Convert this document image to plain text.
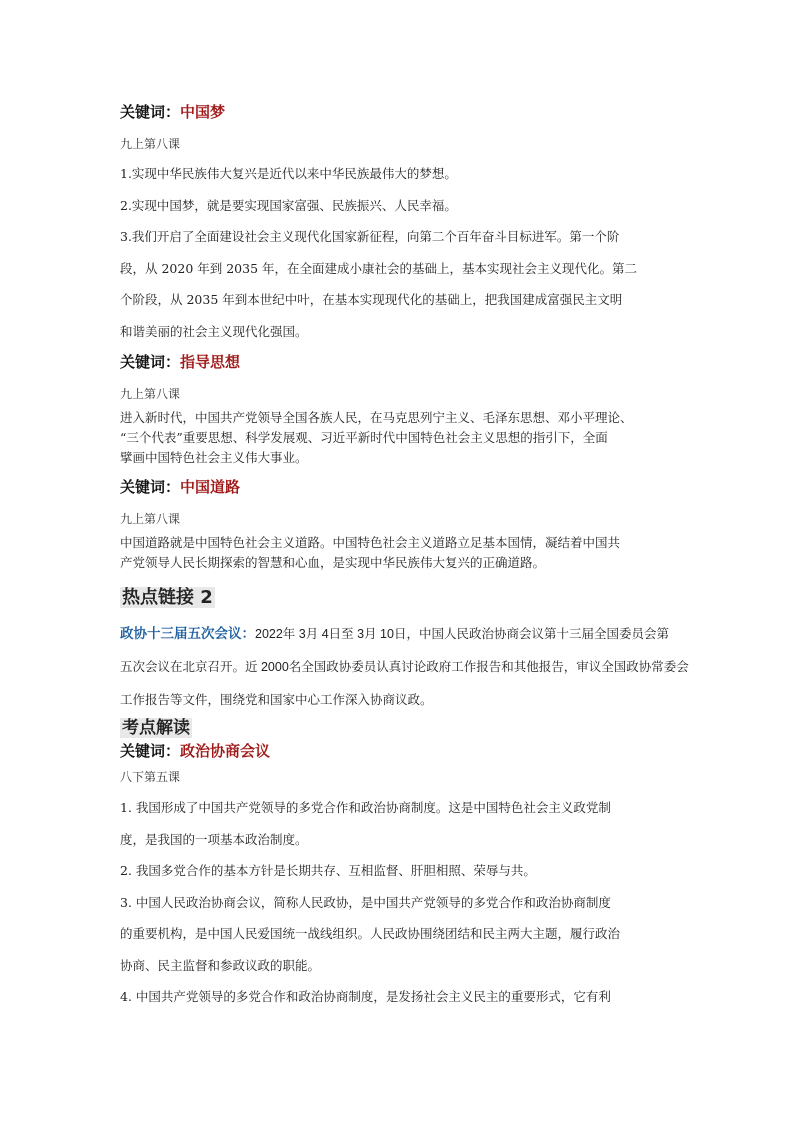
关键词：中国梦
九上第八课
1.实现中华民族伟大复兴是近代以来中华民族最伟大的梦想。
2.实现中国梦，就是要实现国家富强、民族振兴、人民幸福。
3.我们开启了全面建设社会主义现代化国家新征程，向第二个百年奋斗目标进军。第一个阶
段，从 2020 年到 2035 年，在全面建成小康社会的基础上，基本实现社会主义现代化。第二
个阶段，从 2035 年到本世纪中叶，在基本实现现代化的基础上，把我国建成富强民主文明
和谐美丽的社会主义现代化强国。
关键词：指导思想
九上第八课
进入新时代，中国共产党领导全国各族人民，在马克思列宁主义、毛泽东思想、邓小平理论、
“三个代表”重要思想、科学发展观、习近平新时代中国特色社会主义思想的指引下，全面
擘画中国特色社会主义伟大事业。
关键词：中国道路
九上第八课
中国道路就是中国特色社会主义道路。中国特色社会主义道路立足基本国情，凝结着中国共
产党领导人民长期探索的智慧和心血，是实现中华民族伟大复兴的正确道路。
热点链接 2
政协十三届五次会议：2022年 3月 4日至 3月 10日，中国人民政治协商会议第十三届全国委员会第
五次会议在北京召开。近 2000名全国政协委员认真讨论政府工作报告和其他报告，审议全国政协常委会
工作报告等文件，围绕党和国家中心工作深入协商议政。
考点解读
关键词：政治协商会议
八下第五课
1. 我国形成了中国共产党领导的多党合作和政治协商制度。这是中国特色社会主义政党制
度，是我国的一项基本政治制度。
2. 我国多党合作的基本方针是长期共存、互相监督、肝胆相照、荣辱与共。
3. 中国人民政治协商会议，简称人民政协，是中国共产党领导的多党合作和政治协商制度
的重要机构，是中国人民爱国统一战线组织。人民政协围绕团结和民主两大主题，履行政治
协商、民主监督和参政议政的职能。
4. 中国共产党领导的多党合作和政治协商制度，是发扬社会主义民主的重要形式，它有利
